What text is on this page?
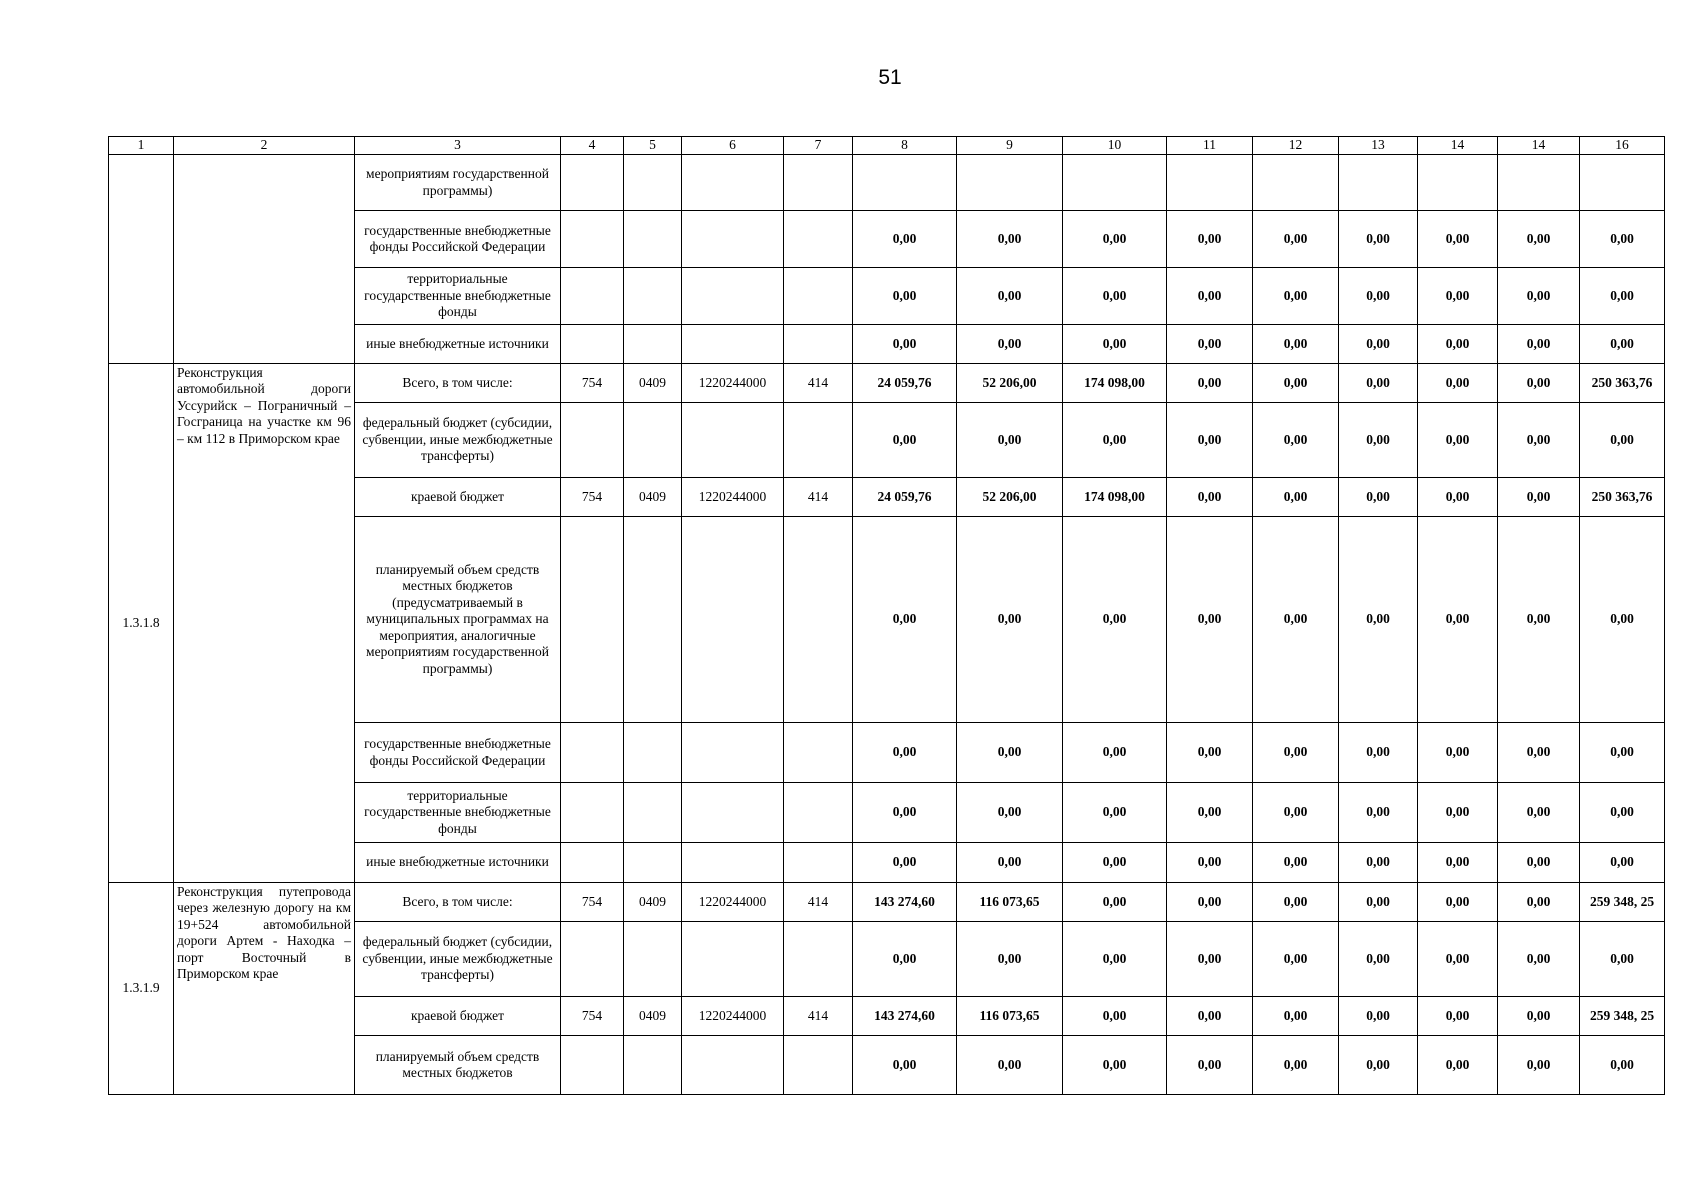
51
1	2	3	4	5	6	7	8	9	10	11	12	13	14	14	16
		мероприятиям государственной программы)													
		государственные внебюджетные фонды Российской Федерации					0,00	0,00	0,00	0,00	0,00	0,00	0,00	0,00	0,00
		территориальные государственные внебюджетные фонды					0,00	0,00	0,00	0,00	0,00	0,00	0,00	0,00	0,00
		иные внебюджетные источники					0,00	0,00	0,00	0,00	0,00	0,00	0,00	0,00	0,00
1.3.1.8	Реконструкция автомобильной дороги Уссурийск – Пограничный – Госграница на участке км 96 – км 112 в Приморском крае	Всего, в том числе:	754	0409	1220244000	414	24 059,76	52 206,00	174 098,00	0,00	0,00	0,00	0,00	0,00	250 363,76
		федеральный бюджет (субсидии, субвенции, иные межбюджетные трансферты)					0,00	0,00	0,00	0,00	0,00	0,00	0,00	0,00	0,00
		краевой бюджет	754	0409	1220244000	414	24 059,76	52 206,00	174 098,00	0,00	0,00	0,00	0,00	0,00	250 363,76
		планируемый объем средств местных бюджетов (предусматриваемый в муниципальных программах на мероприятия, аналогичные мероприятиям государственной программы)					0,00	0,00	0,00	0,00	0,00	0,00	0,00	0,00	0,00
		государственные внебюджетные фонды Российской Федерации					0,00	0,00	0,00	0,00	0,00	0,00	0,00	0,00	0,00
		территориальные государственные внебюджетные фонды					0,00	0,00	0,00	0,00	0,00	0,00	0,00	0,00	0,00
		иные внебюджетные источники					0,00	0,00	0,00	0,00	0,00	0,00	0,00	0,00	0,00
1.3.1.9	Реконструкция путепровода через железную дорогу на км 19+524 автомобильной дороги Артем - Находка – порт Восточный в Приморском крае	Всего, в том числе:	754	0409	1220244000	414	143 274,60	116 073,65	0,00	0,00	0,00	0,00	0,00	0,00	259 348, 25
		федеральный бюджет (субсидии, субвенции, иные межбюджетные трансферты)					0,00	0,00	0,00	0,00	0,00	0,00	0,00	0,00	0,00
		краевой бюджет	754	0409	1220244000	414	143 274,60	116 073,65	0,00	0,00	0,00	0,00	0,00	0,00	259 348, 25
		планируемый объем средств местных бюджетов					0,00	0,00	0,00	0,00	0,00	0,00	0,00	0,00	0,00
